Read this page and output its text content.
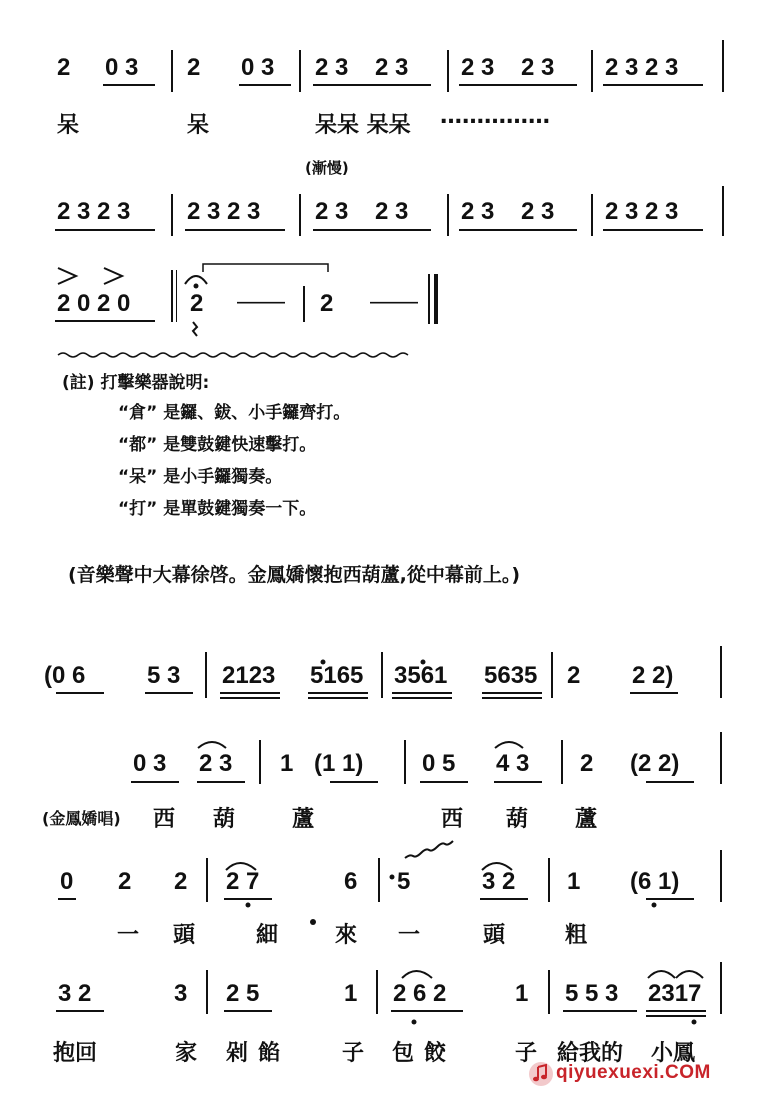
2 0 3 2 0 3 2 3 2 3 2 3 2 3 2 3 2 3
呆	呆	呆呆 呆呆 ……………
(漸慢)
2 3 2 3 2 3 2 3 2 3 2 3 2 3 2 3 2 3 2 3
2 0 2 0 2 —— 2 ——
(註) 打擊樂器說明:
“倉” 是鑼、鈸、小手鑼齊打。
“都” 是雙鼓鍵快速擊打。
“呆” 是小手鑼獨奏。
“打” 是單鼓鍵獨奏一下。
(音樂聲中大幕徐啓。金鳳嬌懷抱西葫蘆,從中幕前上。)
(0 6	5 3 2123 5165 3561 5635 2 2 2)
0 3 2 3 1 (1 1) 0 5 4 3 2 (2 2)
(金鳳嬌唱) 西 葫	蘆	西 葫 蘆
0 2 2 2 7	6 5	3 2 1 (6 1)
一 頭	細	來 一	頭	粗
3 2	3 2 5	1 2 6 2	1 5 5 3 2317
抱回	家 剁 餡	子 包 餃	子 給我的 小鳳
qiyuexuexi.COM
